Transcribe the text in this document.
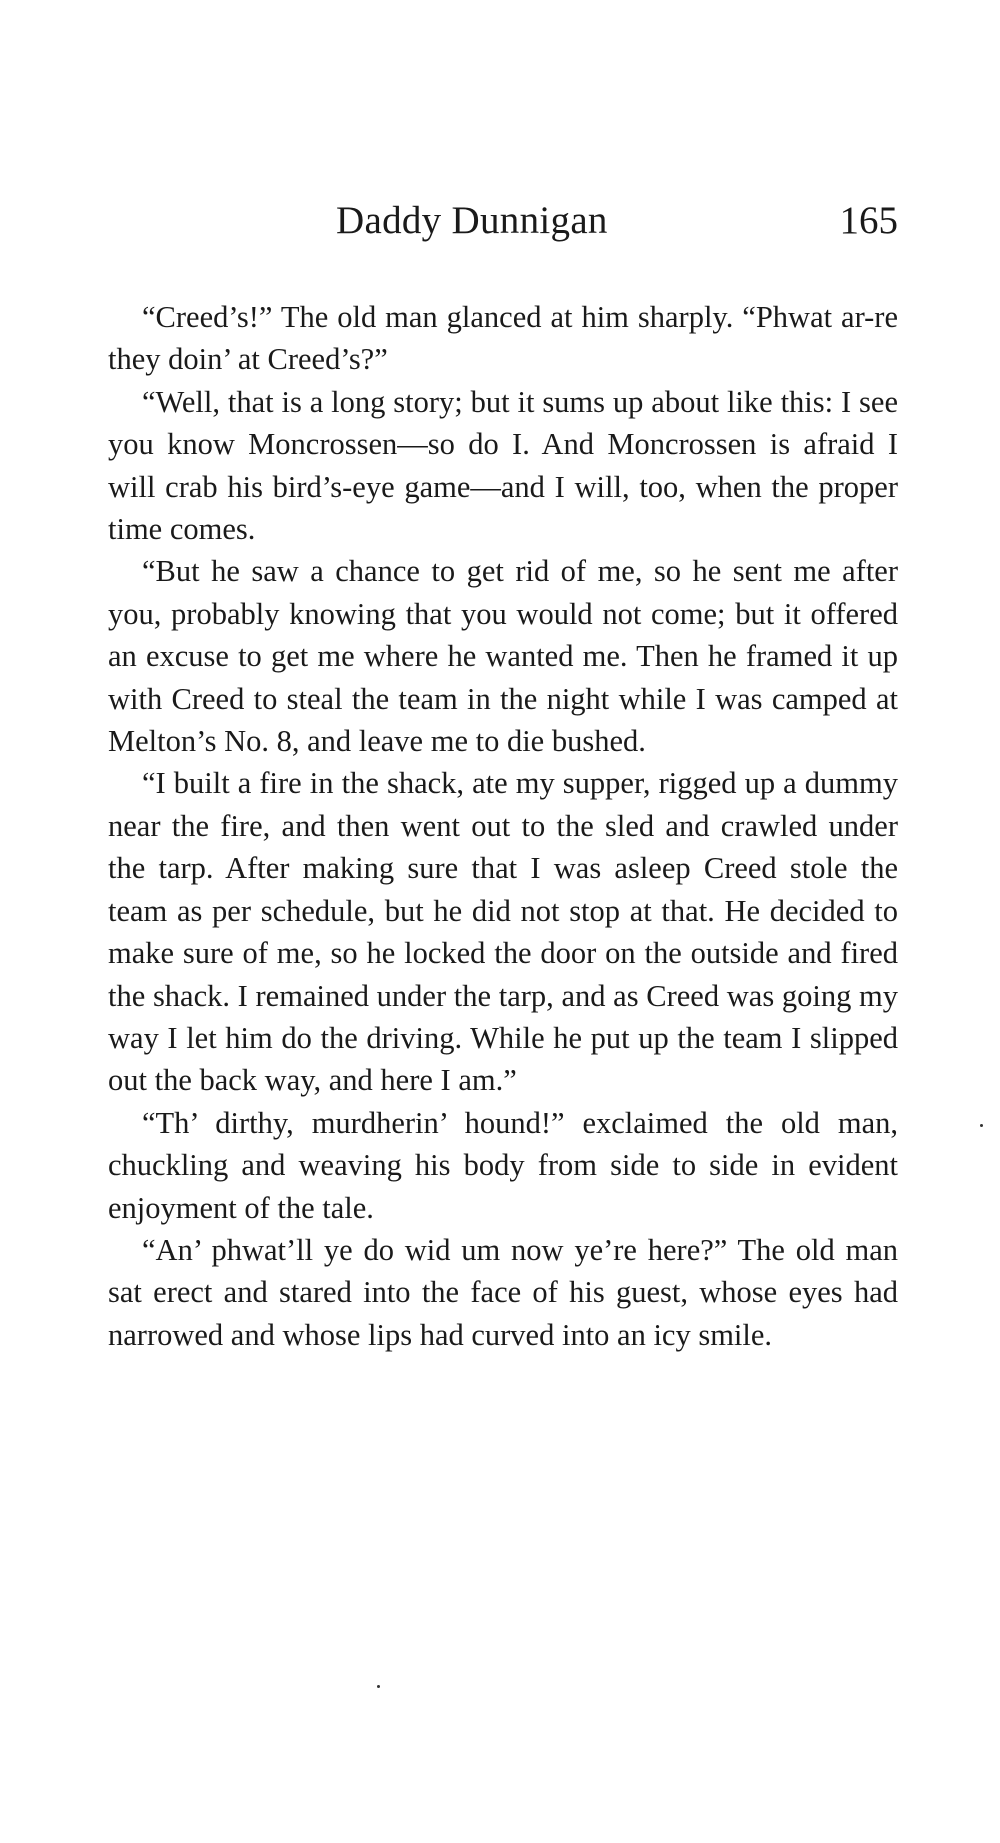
Daddy Dunnigan	165

“Creed’s!” The old man glanced at him sharply. “Phwat ar-re they doin’ at Creed’s?”

“Well, that is a long story; but it sums up about like this: I see you know Moncrossen—so do I. And Moncrossen is afraid I will crab his bird’s-eye game—and I will, too, when the proper time comes.

“But he saw a chance to get rid of me, so he sent me after you, probably knowing that you would not come; but it offered an excuse to get me where he wanted me. Then he framed it up with Creed to steal the team in the night while I was camped at Melton’s No. 8, and leave me to die bushed.

“I built a fire in the shack, ate my supper, rigged up a dummy near the fire, and then went out to the sled and crawled under the tarp. After making sure that I was asleep Creed stole the team as per schedule, but he did not stop at that. He decided to make sure of me, so he locked the door on the outside and fired the shack. I remained under the tarp, and as Creed was going my way I let him do the driving. While he put up the team I slipped out the back way, and here I am.”

“Th’ dirthy, murdherin’ hound!” exclaimed the old man, chuckling and weaving his body from side to side in evident enjoyment of the tale.

“An’ phwat’ll ye do wid um now ye’re here?” The old man sat erect and stared into the face of his guest, whose eyes had narrowed and whose lips had curved into an icy smile.
